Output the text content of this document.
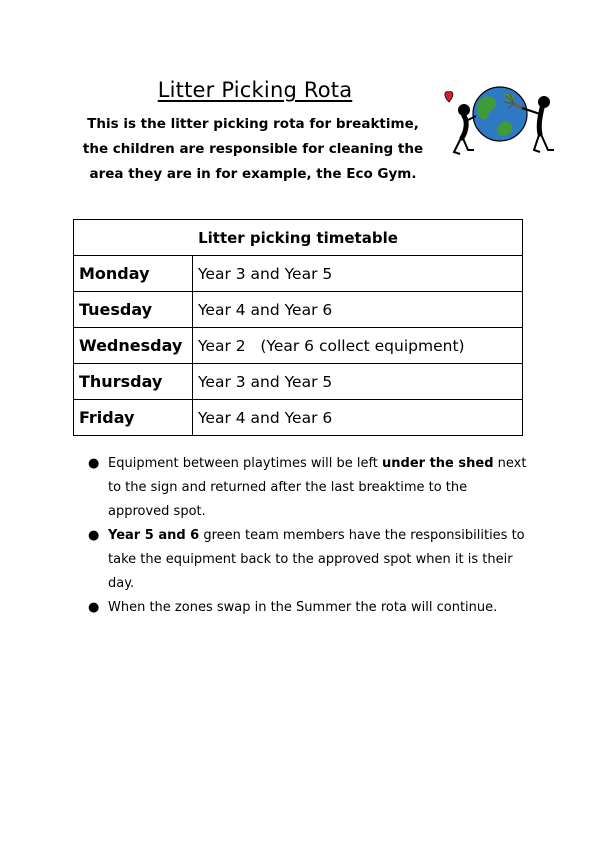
Litter Picking Rota
This is the litter picking rota for breaktime, the children are responsible for cleaning the area they are in for example, the Eco Gym.
Litter picking timetable	
Monday	Year 3 and Year 5
Tuesday	Year 4 and Year 6
Wednesday	Year 2   (Year 6 collect equipment)
Thursday	Year 3 and Year 5
Friday	Year 4 and Year 6
● Equipment between playtimes will be left under the shed next to the sign and returned after the last breaktime to the approved spot.
● Year 5 and 6 green team members have the responsibilities to take the equipment back to the approved spot when it is their day.
● When the zones swap in the Summer the rota will continue.
